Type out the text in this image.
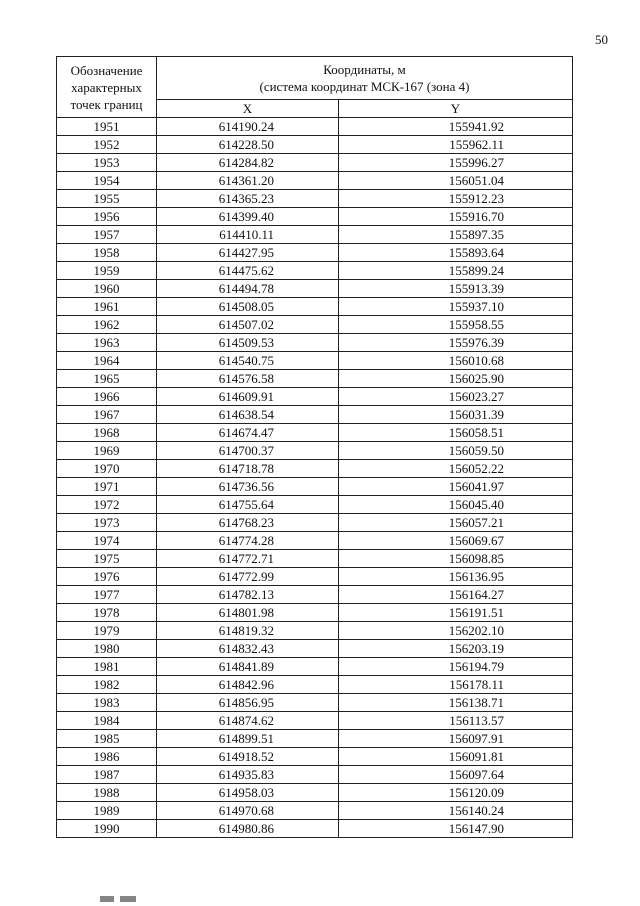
50
Обозначение
характерных
точек границ	Координаты, м
(система координат МСК-167 (зона 4)	

	X	Y
1951	614190.24	155941.92
1952	614228.50	155962.11
1953	614284.82	155996.27
1954	614361.20	156051.04
1955	614365.23	155912.23
1956	614399.40	155916.70
1957	614410.11	155897.35
1958	614427.95	155893.64
1959	614475.62	155899.24
1960	614494.78	155913.39
1961	614508.05	155937.10
1962	614507.02	155958.55
1963	614509.53	155976.39
1964	614540.75	156010.68
1965	614576.58	156025.90
1966	614609.91	156023.27
1967	614638.54	156031.39
1968	614674.47	156058.51
1969	614700.37	156059.50
1970	614718.78	156052.22
1971	614736.56	156041.97
1972	614755.64	156045.40
1973	614768.23	156057.21
1974	614774.28	156069.67
1975	614772.71	156098.85
1976	614772.99	156136.95
1977	614782.13	156164.27
1978	614801.98	156191.51
1979	614819.32	156202.10
1980	614832.43	156203.19
1981	614841.89	156194.79
1982	614842.96	156178.11
1983	614856.95	156138.71
1984	614874.62	156113.57
1985	614899.51	156097.91
1986	614918.52	156091.81
1987	614935.83	156097.64
1988	614958.03	156120.09
1989	614970.68	156140.24
1990	614980.86	156147.90
